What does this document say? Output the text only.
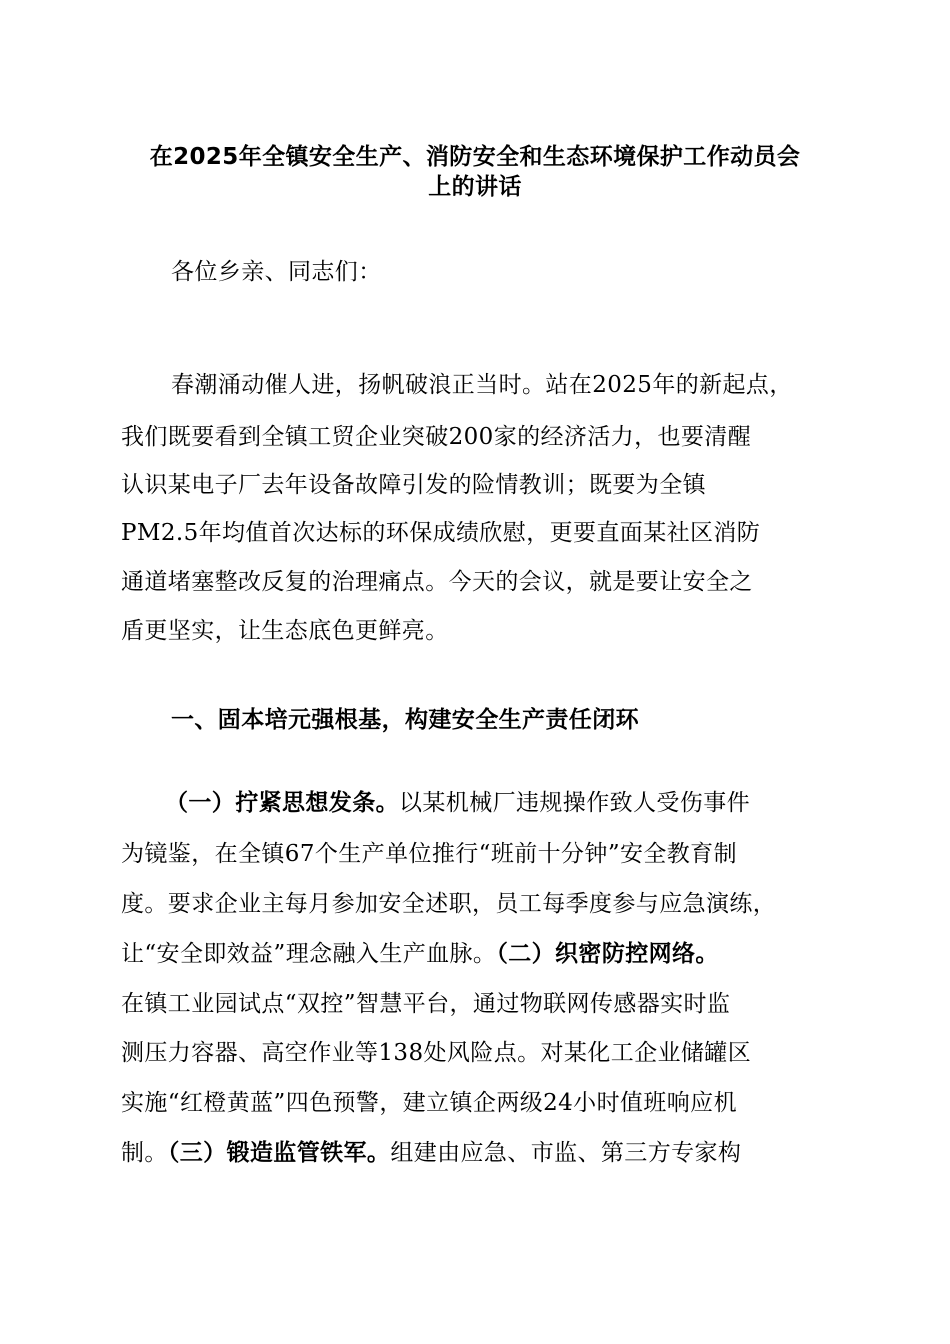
在2025年全镇安全生产、消防安全和生态环境保护工作动员会
上的讲话
各位乡亲、同志们：
春潮涌动催人进，扬帆破浪正当时。站在2025年的新起点，
我们既要看到全镇工贸企业突破200家的经济活力，也要清醒
认识某电子厂去年设备故障引发的险情教训；既要为全镇
PM2.5年均值首次达标的环保成绩欣慰，更要直面某社区消防
通道堵塞整改反复的治理痛点。今天的会议，就是要让安全之
盾更坚实，让生态底色更鲜亮。
一、固本培元强根基，构建安全生产责任闭环
（一）拧紧思想发条。以某机械厂违规操作致人受伤事件
为镜鉴，在全镇67个生产单位推行“班前十分钟”安全教育制
度。要求企业主每月参加安全述职，员工每季度参与应急演练，
让“安全即效益”理念融入生产血脉。（二）织密防控网络。
在镇工业园试点“双控”智慧平台，通过物联网传感器实时监
测压力容器、高空作业等138处风险点。对某化工企业储罐区
实施“红橙黄蓝”四色预警，建立镇企两级24小时值班响应机
制。（三）锻造监管铁军。组建由应急、市监、第三方专家构
